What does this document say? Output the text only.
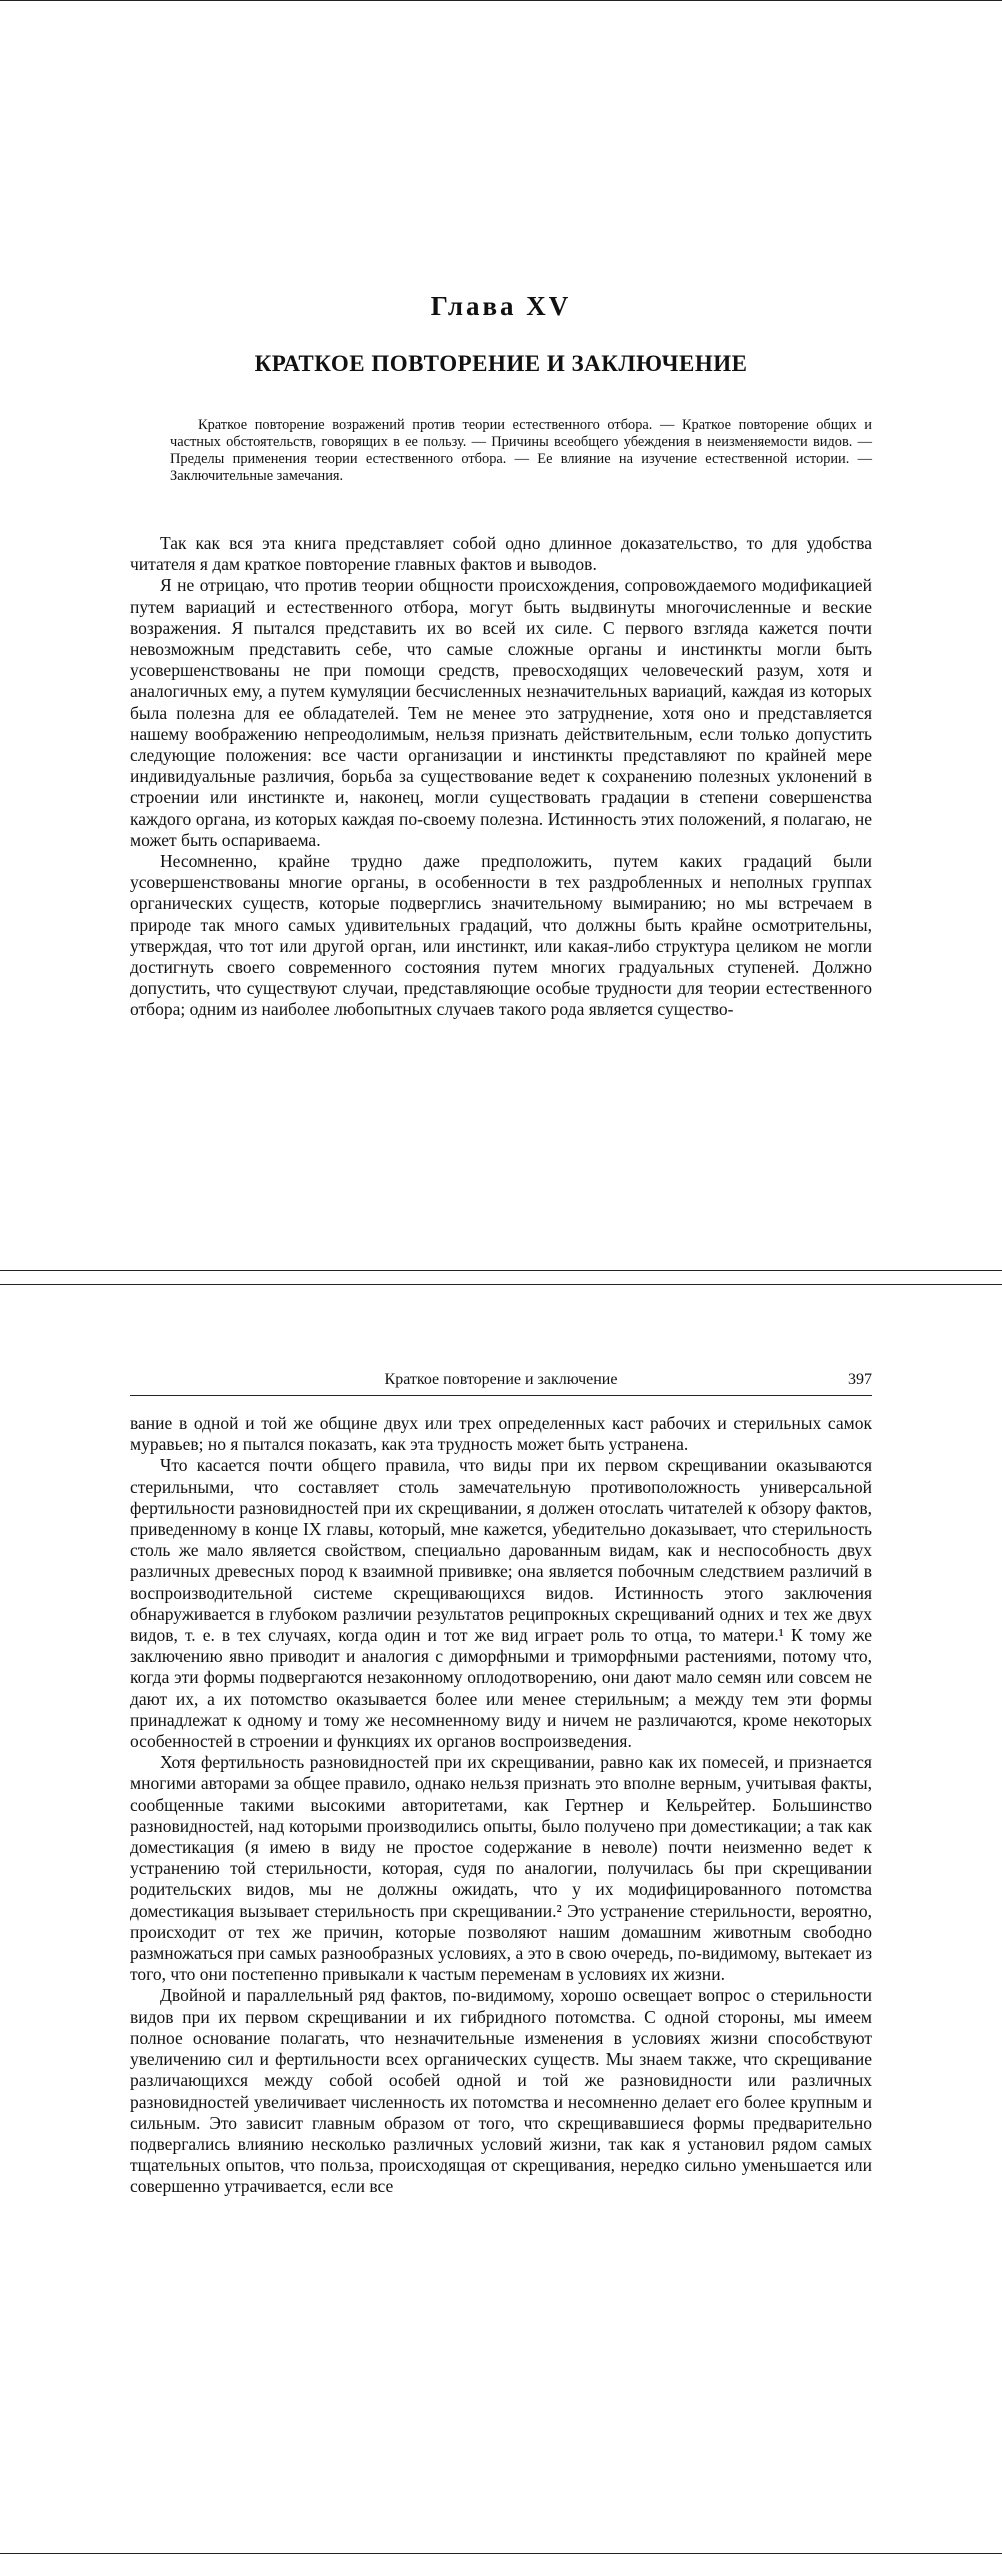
Глава XV
КРАТКОЕ ПОВТОРЕНИЕ И ЗАКЛЮЧЕНИЕ

Краткое повторение возражений против теории естественного отбора. — Краткое повторение общих и частных обстоятельств, говорящих в ее пользу. — Причины всеобщего убеждения в неизменяемости видов. — Пределы применения теории естественного отбора. — Ее влияние на изучение естественной истории. — Заключительные замечания.

Так как вся эта книга представляет собой одно длинное доказательство, то для удобства читателя я дам краткое повторение главных фактов и выводов.

Я не отрицаю, что против теории общности происхождения, сопровождаемого модификацией путем вариаций и естественного отбора, могут быть выдвинуты многочисленные и веские возражения. Я пытался представить их во всей их силе. С первого взгляда кажется почти невозможным представить себе, что самые сложные органы и инстинкты могли быть усовершенствованы не при помощи средств, превосходящих человеческий разум, хотя и аналогичных ему, а путем кумуляции бесчисленных незначительных вариаций, каждая из которых была полезна для ее обладателей. Тем не менее это затруднение, хотя оно и представляется нашему воображению непреодолимым, нельзя признать действительным, если только допустить следующие положения: все части организации и инстинкты представляют по крайней мере индивидуальные различия, борьба за существование ведет к сохранению полезных уклонений в строении или инстинкте и, наконец, могли существовать градации в степени совершенства каждого органа, из которых каждая по-своему полезна. Истинность этих положений, я полагаю, не может быть оспариваема.

Несомненно, крайне трудно даже предположить, путем каких градаций были усовершенствованы многие органы, в особенности в тех раздробленных и неполных группах органических существ, которые подверглись значительному вымиранию; но мы встречаем в природе так много самых удивительных градаций, что должны быть крайне осмотрительны, утверждая, что тот или другой орган, или инстинкт, или какая-либо структура целиком не могли достигнуть своего современного состояния путем многих градуальных ступеней. Должно допустить, что существуют случаи, представляющие особые трудности для теории естественного отбора; одним из наиболее любопытных случаев такого рода является существо-

Краткое повторение и заключение	397

вание в одной и той же общине двух или трех определенных каст рабочих и стерильных самок муравьев; но я пытался показать, как эта трудность может быть устранена.

Что касается почти общего правила, что виды при их первом скрещивании оказываются стерильными, что составляет столь замечательную противоположность универсальной фертильности разновидностей при их скрещивании, я должен отослать читателей к обзору фактов, приведенному в конце IX главы, который, мне кажется, убедительно доказывает, что стерильность столь же мало является свойством, специально дарованным видам, как и неспособность двух различных древесных пород к взаимной прививке; она является побочным следствием различий в воспроизводительной системе скрещивающихся видов. Истинность этого заключения обнаруживается в глубоком различии результатов реципрокных скрещиваний одних и тех же двух видов, т. е. в тех случаях, когда один и тот же вид играет роль то отца, то матери.¹ К тому же заключению явно приводит и аналогия с диморфными и триморфными растениями, потому что, когда эти формы подвергаются незаконному оплодотворению, они дают мало семян или совсем не дают их, а их потомство оказывается более или менее стерильным; а между тем эти формы принадлежат к одному и тому же несомненному виду и ничем не различаются, кроме некоторых особенностей в строении и функциях их органов воспроизведения.

Хотя фертильность разновидностей при их скрещивании, равно как их помесей, и признается многими авторами за общее правило, однако нельзя признать это вполне верным, учитывая факты, сообщенные такими высокими авторитетами, как Гертнер и Кельрейтер. Большинство разновидностей, над которыми производились опыты, было получено при доместикации; а так как доместикация (я имею в виду не простое содержание в неволе) почти неизменно ведет к устранению той стерильности, которая, судя по аналогии, получилась бы при скрещивании родительских видов, мы не должны ожидать, что у их модифицированного потомства доместикация вызывает стерильность при скрещивании.² Это устранение стерильности, вероятно, происходит от тех же причин, которые позволяют нашим домашним животным свободно размножаться при самых разнообразных условиях, а это в свою очередь, по-видимому, вытекает из того, что они постепенно привыкали к частым переменам в условиях их жизни.

Двойной и параллельный ряд фактов, по-видимому, хорошо освещает вопрос о стерильности видов при их первом скрещивании и их гибридного потомства. С одной стороны, мы имеем полное основание полагать, что незначительные изменения в условиях жизни способствуют увеличению сил и фертильности всех органических существ. Мы знаем также, что скрещивание различающихся между собой особей одной и той же разновидности или различных разновидностей увеличивает численность их потомства и несомненно делает его более крупным и сильным. Это зависит главным образом от того, что скрещивавшиеся формы предварительно подвергались влиянию несколько различных условий жизни, так как я установил рядом самых тщательных опытов, что польза, происходящая от скрещивания, нередко сильно уменьшается или совершенно утрачивается, если все
